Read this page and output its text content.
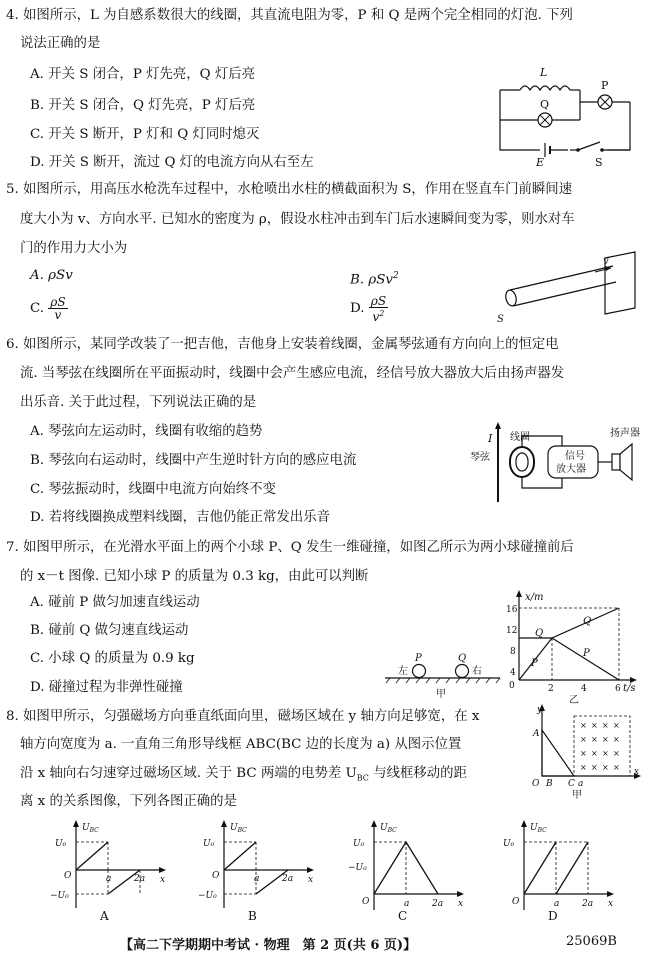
4. 如图所示，L 为自感系数很大的线圈，其直流电阻为零，P 和 Q 是两个完全相同的灯泡. 下列
说法正确的是
A. 开关 S 闭合，P 灯先亮，Q 灯后亮
B. 开关 S 闭合，Q 灯先亮，P 灯后亮
C. 开关 S 断开，P 灯和 Q 灯同时熄灭
D. 开关 S 断开，流过 Q 灯的电流方向从右至左
L
Q
P
E	S
5. 如图所示，用高压水枪洗车过程中，水枪喷出水柱的横截面积为 S，作用在竖直车门前瞬间速
度大小为 v、方向水平. 已知水的密度为 ρ，假设水柱冲击到车门后水速瞬间变为零，则水对车
门的作用力大小为
A. ρSv	B. ρSv$^2$
C. $\frac{\rho S}{v}$	D. $\frac{\rho S}{v^2}$
v
S
6. 如图所示，某同学改装了一把吉他，吉他身上安装着线圈，金属琴弦通有方向向上的恒定电
流. 当琴弦在线圈所在平面振动时，线圈中会产生感应电流，经信号放大器放大后由扬声器发
出乐音. 关于此过程，下列说法正确的是
A. 琴弦向左运动时，线圈有收缩的趋势
B. 琴弦向右运动时，线圈中产生逆时针方向的感应电流
C. 琴弦振动时，线圈中电流方向始终不变
D. 若将线圈换成塑料线圈，吉他仍能正常发出乐音
I
琴弦
线圈
信号
放大器
扬声器
7. 如图甲所示，在光滑水平面上的两个小球 P、Q 发生一维碰撞，如图乙所示为两小球碰撞前后
的 x－t 图像. 已知小球 P 的质量为 0.3 kg，由此可以判断
A. 碰前 P 做匀加速直线运动
B. 碰前 Q 做匀速直线运动
C. 小球 Q 的质量为 0.9 kg
D. 碰撞过程为非弹性碰撞
P	Q
左	右
甲
x/m
t/s
16
12
8
4
0	2	4	6
Q
Q
P
P
乙
8. 如图甲所示，匀强磁场方向垂直纸面向里，磁场区域在 y 轴方向足够宽，在 x
轴方向宽度为 a. 一直角三角形导线框 ABC(BC 边的长度为 a) 从图示位置
沿 x 轴向右匀速穿过磁场区域. 关于 BC 两端的电势差 $U_{BC}$ 与线框移动的距
离 x 的关系图像，下列各图正确的是
y
x
A
O B C a
× × × ×
× × × ×
× × × ×
× × × ×
甲
$U_{BC}$
U₀
O
−U₀
a	2a x
A
$U_{BC}$
U₀
O
−U₀
a	2a x
B
$U_{BC}$
U₀
−U₀
O	a	2a x
C
$U_{BC}$
U₀
O	a	2a x
D
【高二下学期期中考试 · 物理　第 2 页(共 6 页)】	25069B
